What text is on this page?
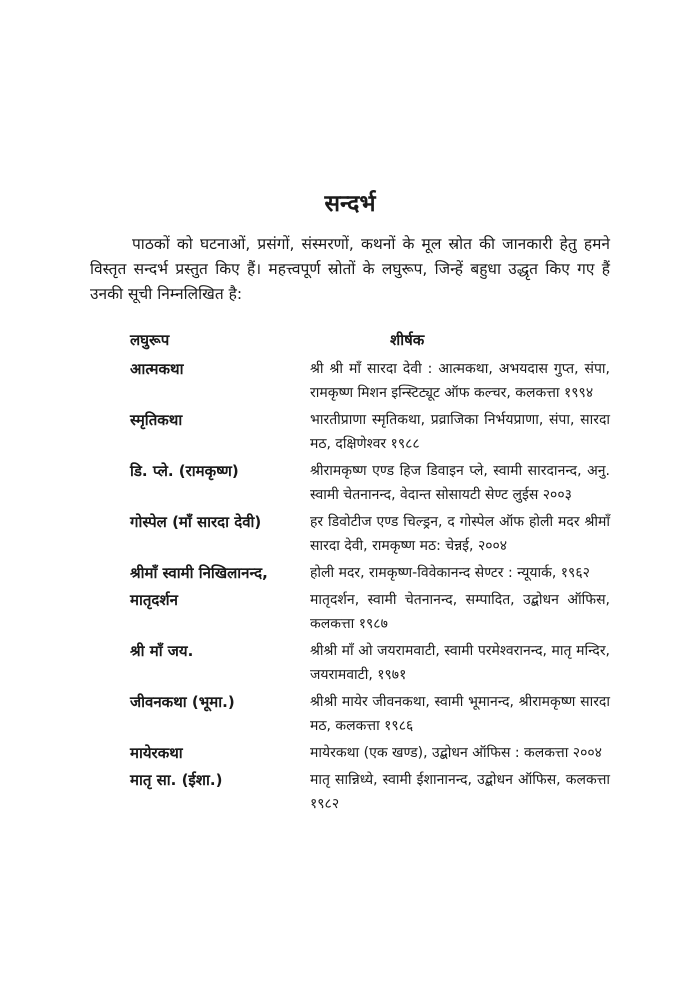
सन्दर्भ
पाठकों को घटनाओं, प्रसंगों, संस्मरणों, कथनों के मूल स्रोत की जानकारी हेतु हमने विस्तृत सन्दर्भ प्रस्तुत किए हैं। महत्त्वपूर्ण स्रोतों के लघुरूप, जिन्हें बहुधा उद्धृत किए गए हैं उनकी सूची निम्नलिखित है:
लघुरूप	शीर्षक
आत्मकथा	श्री श्री माँ सारदा देवी : आत्मकथा, अभयदास गुप्त, संपा, रामकृष्ण मिशन इन्स्टिट्यूट ऑफ कल्चर, कलकत्ता १९९४
स्मृतिकथा	भारतीप्राणा स्मृतिकथा, प्रव्राजिका निर्भयप्राणा, संपा, सारदा मठ, दक्षिणेश्वर १९८८
डि. प्ले. (रामकृष्ण)	श्रीरामकृष्ण एण्ड हिज डिवाइन प्ले, स्वामी सारदानन्द, अनु. स्वामी चेतनानन्द, वेदान्त सोसायटी सेण्ट लुईस २००३
गोस्पेल (माँ सारदा देवी)	हर डिवोटीज एण्ड चिल्ड्रन, द गोस्पेल ऑफ होली मदर श्रीमाँ सारदा देवी, रामकृष्ण मठ: चेन्नई, २००४
श्रीमाँ स्वामी निखिलानन्द,	होली मदर, रामकृष्ण-विवेकानन्द सेण्टर : न्यूयार्क, १९६२
मातृदर्शन	मातृदर्शन, स्वामी चेतनानन्द, सम्पादित, उद्बोधन ऑफिस, कलकत्ता १९८७
श्री माँ जय.	श्रीश्री माँ ओ जयरामवाटी, स्वामी परमेश्वरानन्द, मातृ मन्दिर, जयरामवाटी, १९७१
जीवनकथा (भूमा.)	श्रीश्री मायेर जीवनकथा, स्वामी भूमानन्द, श्रीरामकृष्ण सारदा मठ, कलकत्ता १९८६
मायेरकथा	मायेरकथा (एक खण्ड), उद्बोधन ऑफिस : कलकत्ता २००४
मातृ सा. (ईशा.)	मातृ सान्निध्ये, स्वामी ईशानानन्द, उद्बोधन ऑफिस, कलकत्ता १९८२
